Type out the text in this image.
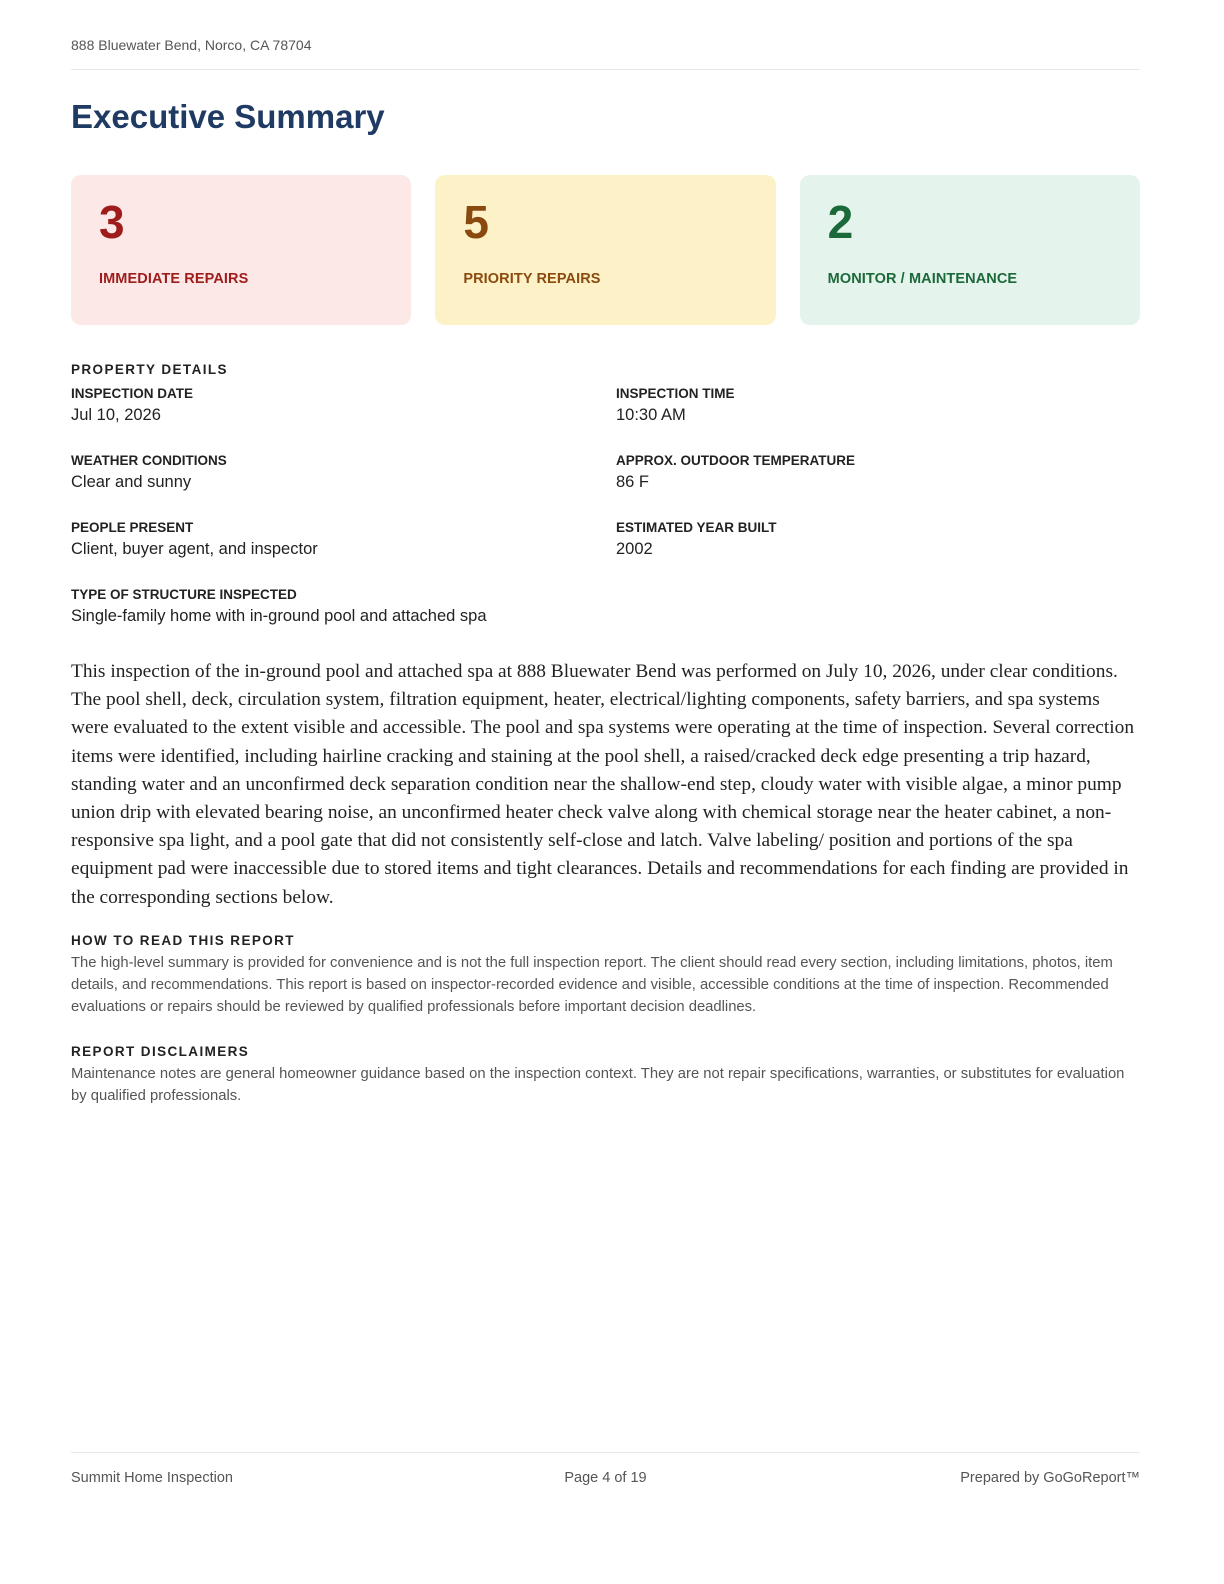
888 Bluewater Bend, Norco, CA 78704
Executive Summary
3
IMMEDIATE REPAIRS
5
PRIORITY REPAIRS
2
MONITOR / MAINTENANCE
PROPERTY DETAILS
INSPECTION DATE
Jul 10, 2026
INSPECTION TIME
10:30 AM
WEATHER CONDITIONS
Clear and sunny
APPROX. OUTDOOR TEMPERATURE
86 F
PEOPLE PRESENT
Client, buyer agent, and inspector
ESTIMATED YEAR BUILT
2002
TYPE OF STRUCTURE INSPECTED
Single-family home with in-ground pool and attached spa

This inspection of the in-ground pool and attached spa at 888 Bluewater Bend was performed on July 10, 2026, under clear conditions. The pool shell, deck, circulation system, filtration equipment, heater, electrical/lighting components, safety barriers, and spa systems were evaluated to the extent visible and accessible. The pool and spa systems were operating at the time of inspection. Several correction items were identified, including hairline cracking and staining at the pool shell, a raised/cracked deck edge presenting a trip hazard, standing water and an unconfirmed deck separation condition near the shallow-end step, cloudy water with visible algae, a minor pump union drip with elevated bearing noise, an unconfirmed heater check valve along with chemical storage near the heater cabinet, a non-responsive spa light, and a pool gate that did not consistently self-close and latch. Valve labeling/ position and portions of the spa equipment pad were inaccessible due to stored items and tight clearances. Details and recommendations for each finding are provided in the corresponding sections below.

HOW TO READ THIS REPORT

The high-level summary is provided for convenience and is not the full inspection report. The client should read every section, including limitations, photos, item details, and recommendations. This report is based on inspector-recorded evidence and visible, accessible conditions at the time of inspection. Recommended evaluations or repairs should be reviewed by qualified professionals before important decision deadlines.

REPORT DISCLAIMERS

Maintenance notes are general homeowner guidance based on the inspection context. They are not repair specifications, warranties, or substitutes for evaluation by qualified professionals.

Summit Home Inspection	Page 4 of 19	Prepared by GoGoReport™
